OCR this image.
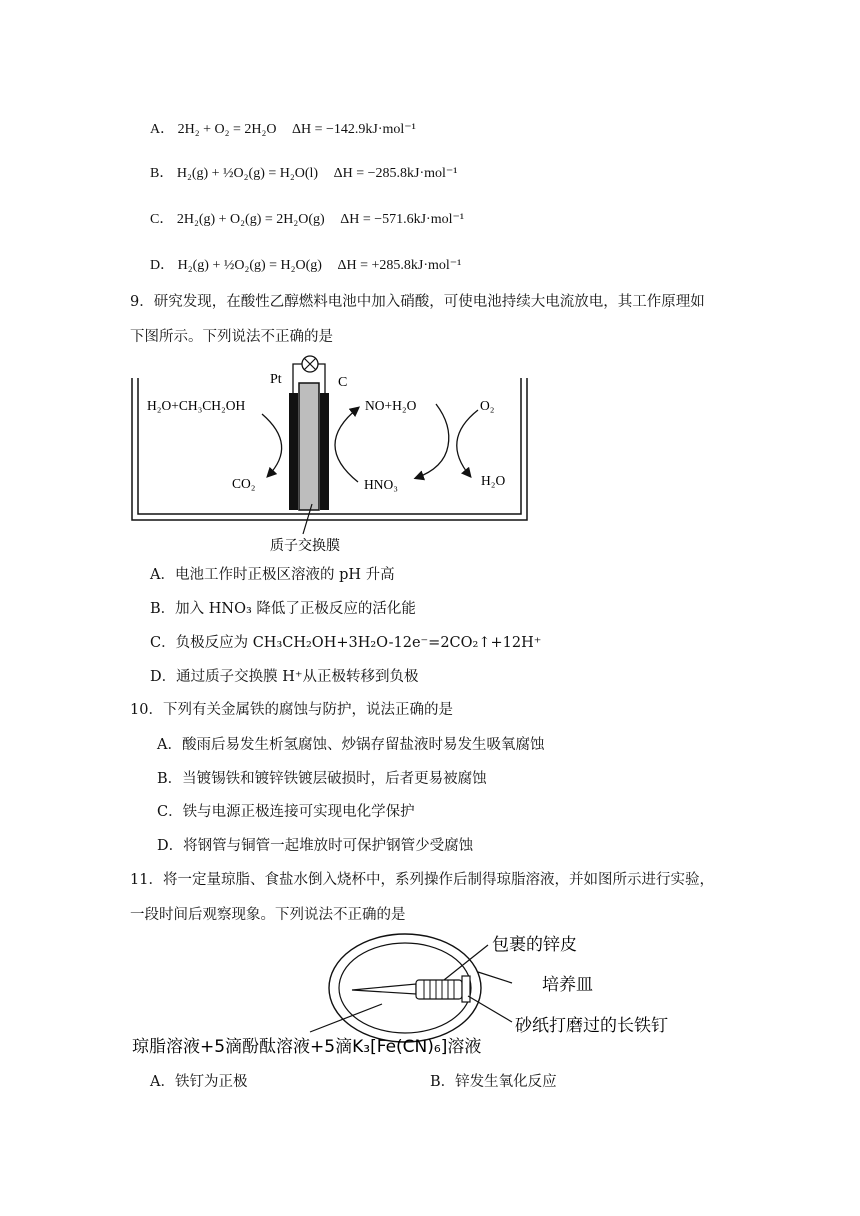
A． 2H₂ + O₂ = 2H₂O ΔH = −142.9kJ·mol⁻¹
B． H₂(g) + ½O₂(g) = H₂O(l) ΔH = −285.8kJ·mol⁻¹
C． 2H₂(g) + O₂(g) = 2H₂O(g) ΔH = −571.6kJ·mol⁻¹
D． H₂(g) + ½O₂(g) = H₂O(g) ΔH = +285.8kJ·mol⁻¹
9．研究发现，在酸性乙醇燃料电池中加入硝酸，可使电池持续大电流放电，其工作原理如
下图所示。下列说法不正确的是
Pt	C
H₂O+CH₃CH₂OH
CO₂
NO+H₂O
HNO₃
O₂
H₂O
质子交换膜
A．电池工作时正极区溶液的 pH 升高
B．加入 HNO₃ 降低了正极反应的活化能
C．负极反应为 CH₃CH₂OH+3H₂O-12e⁻=2CO₂↑+12H⁺
D．通过质子交换膜 H⁺从正极转移到负极
10．下列有关金属铁的腐蚀与防护，说法正确的是
A．酸雨后易发生析氢腐蚀、炒锅存留盐液时易发生吸氧腐蚀
B．当镀锡铁和镀锌铁镀层破损时，后者更易被腐蚀
C．铁与电源正极连接可实现电化学保护
D．将钢管与铜管一起堆放时可保护钢管少受腐蚀
11．将一定量琼脂、食盐水倒入烧杯中，系列操作后制得琼脂溶液，并如图所示进行实验，
一段时间后观察现象。下列说法不正确的是
包裹的锌皮
培养皿
砂纸打磨过的长铁钉
琼脂溶液+5滴酚酞溶液+5滴K₃[Fe(CN)₆]溶液
A．铁钉为正极	B．锌发生氧化反应
